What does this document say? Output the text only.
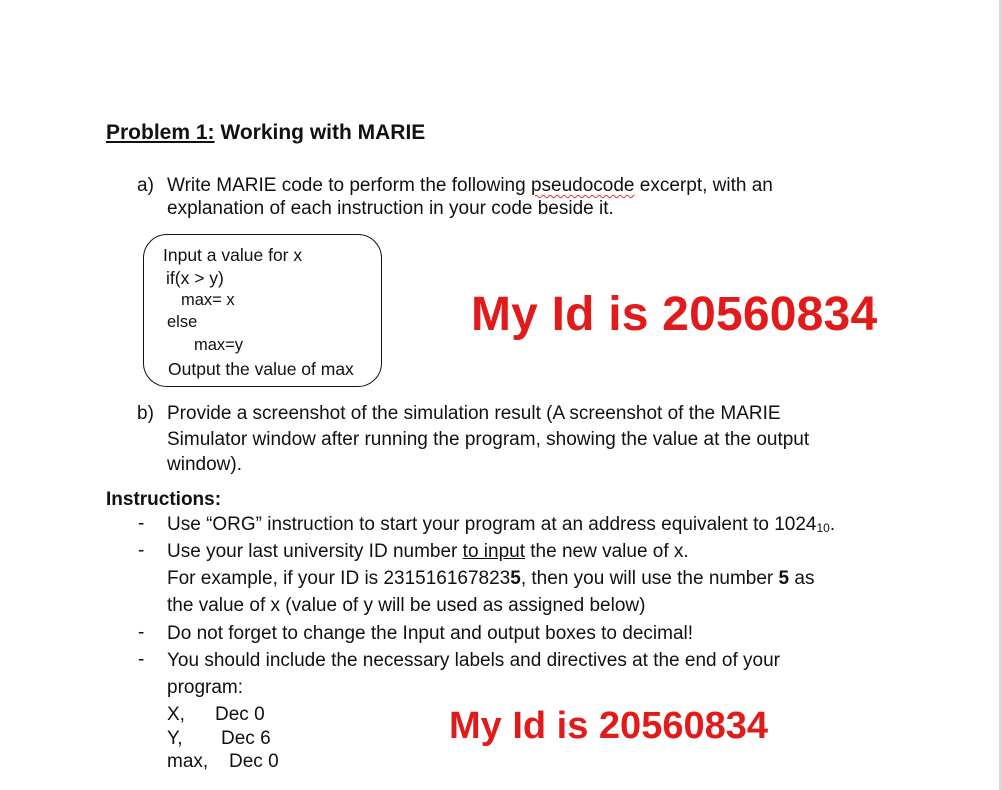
Problem 1: Working with MARIE
a) Write MARIE code to perform the following pseudocode excerpt, with an
explanation of each instruction in your code beside it.
Input a value for x
if(x > y)
max= x
else
max=y
Output the value of max
My Id is 20560834
b) Provide a screenshot of the simulation result (A screenshot of the MARIE
Simulator window after running the program, showing the value at the output
window).
Instructions:
- Use “ORG” instruction to start your program at an address equivalent to $1024_{10}$.
- Use your last university ID number to input the new value of x.
For example, if your ID is 2315161678235, then you will use the number 5 as
the value of x (value of y will be used as assigned below)
- Do not forget to change the Input and output boxes to decimal!
- You should include the necessary labels and directives at the end of your
program:
X, Dec 0
Y, Dec 6
max, Dec 0
My Id is 20560834
